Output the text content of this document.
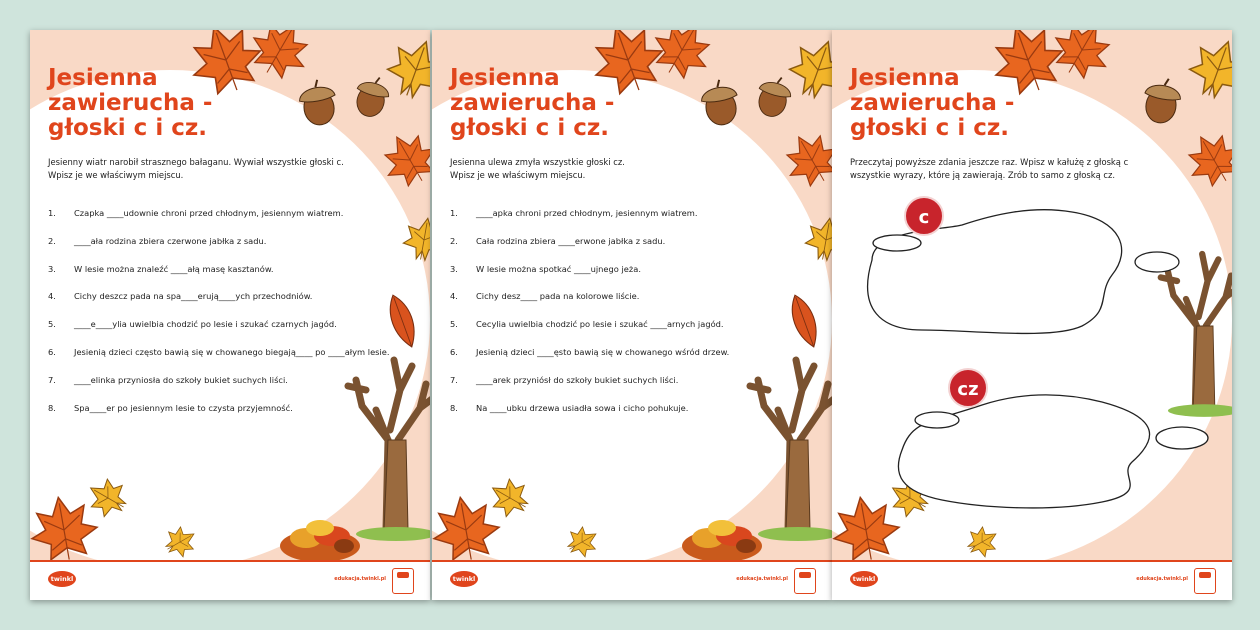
Jesienna
zawierucha -
głoski c i cz.
Jesienny wiatr narobił strasznego bałaganu. Wywiał wszystkie głoski c.
Wpisz je we właściwym miejscu.
1.	Czapka ____udownie chroni przed chłodnym, jesiennym wiatrem.
2.	____ała rodzina zbiera czerwone jabłka z sadu.
3.	W lesie można znaleźć ____ałą masę kasztanów.
4.	Cichy deszcz pada na spa____erują____ych przechodniów.
5.	____e____ylia uwielbia chodzić po lesie i szukać czarnych jagód.
6.	Jesienią dzieci często bawią się w chowanego biegają____ po ____ałym lesie.
7.	____elinka przyniosła do szkoły bukiet suchych liści.
8.	Spa____er po jesiennym lesie to czysta przyjemność.
twinkl	edukacja.twinkl.pl
Jesienna
zawierucha -
głoski c i cz.
Jesienna ulewa zmyła wszystkie głoski cz.
Wpisz je we właściwym miejscu.
1.	____apka chroni przed chłodnym, jesiennym wiatrem.
2.	Cała rodzina zbiera ____erwone jabłka z sadu.
3.	W lesie można spotkać ____ujnego jeża.
4.	Cichy desz____ pada na kolorowe liście.
5.	Cecylia uwielbia chodzić po lesie i szukać ____arnych jagód.
6.	Jesienią dzieci ____ęsto bawią się w chowanego wśród drzew.
7.	____arek przyniósł do szkoły bukiet suchych liści.
8.	Na ____ubku drzewa usiadła sowa i cicho pohukuje.
twinkl	edukacja.twinkl.pl
Jesienna
zawierucha -
głoski c i cz.
Przeczytaj powyższe zdania jeszcze raz. Wpisz w kałużę z głoską c
wszystkie wyrazy, które ją zawierają. Zrób to samo z głoską cz.
c
cz
twinkl	edukacja.twinkl.pl
